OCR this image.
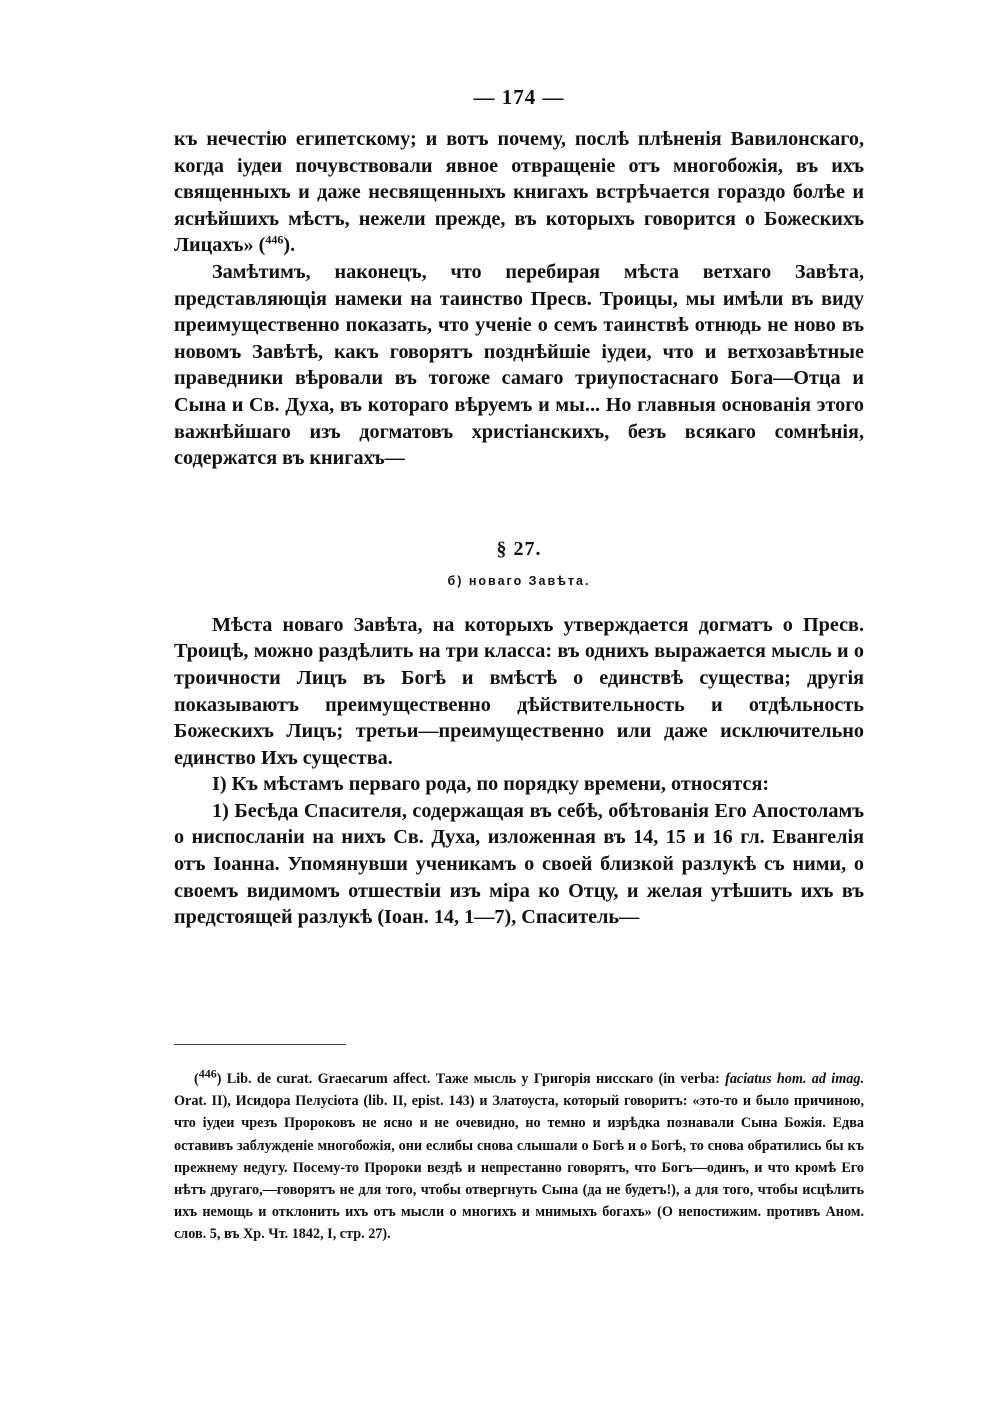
— 174 —

къ нечестію египетскому; и вотъ почему, послѣ плѣненія Вавилонскаго, когда іудеи почувствовали явное отвращеніе отъ многобожія, въ ихъ священныхъ и даже несвященныхъ книгахъ встрѣчается гораздо болѣе и яснѣйшихъ мѣстъ, нежели прежде, въ которыхъ говорится о Божескихъ Лицахъ» ($^{446}$).

Замѣтимъ, наконецъ, что перебирая мѣста ветхаго Завѣта, представляющія намеки на таинство Пресв. Троицы, мы имѣли въ виду преимущественно показать, что ученіе о семъ таинствѣ отнюдь не ново въ новомъ Завѣтѣ, какъ говорятъ позднѣйшіе іудеи, что и ветхозавѣтные праведники вѣровали въ тогоже самаго триупостаснаго Бога—Отца и Сына и Св. Духа, въ котораго вѣруемъ и мы... Но главныя основанія этого важнѣйшаго изъ догматовъ христіанскихъ, безъ всякаго сомнѣнія, содержатся въ книгахъ—

§ 27.
б) новаго Завѣта.

Мѣста новаго Завѣта, на которыхъ утверждается догматъ о Пресв. Троицѣ, можно раздѣлить на три класса: въ однихъ выражается мысль и о троичности Лицъ въ Богѣ и вмѣстѣ о единствѣ существа; другія показываютъ преимущественно дѣйствительность и отдѣльность Божескихъ Лицъ; третьи—преимущественно или даже исключительно единство Ихъ существа.

I) Къ мѣстамъ перваго рода, по порядку времени, относятся:

1) Бесѣда Спасителя, содержащая въ себѣ, обѣтованія Его Апостоламъ о ниспосланіи на нихъ Св. Духа, изложенная въ 14, 15 и 16 гл. Евангелія отъ Іоанна. Упомянувши ученикамъ о своей близкой разлукѣ съ ними, о своемъ видимомъ отшествіи изъ міра ко Отцу, и желая утѣшить ихъ въ предстоящей разлукѣ (Іоан. 14, 1—7), Спаситель—

($^{446}$) Lib. de curat. Graecarum affect. Таже мысль у Григорія нисскаго (in verba: faciatus hom. ad imag. Orat. II), Исидора Пелусіота (lib. II, epist. 143) и Златоуста, который говоритъ: «это-то и было причиною, что іудеи чрезъ Пророковъ не ясно и не очевидно, но темно и изрѣдка познавали Сына Божія. Едва оставивъ заблужденіе многобожія, они еслибы снова слышали о Богѣ и о Богѣ, то снова обратились бы къ прежнему недугу. Посему-то Пророки вездѣ и непрестанно говорятъ, что Богъ—одинъ, и что кромѣ Его нѣтъ другаго,—говорятъ не для того, чтобы отвергнуть Сына (да не будетъ!), а для того, чтобы исцѣлить ихъ немощь и отклонить ихъ отъ мысли о многихъ и мнимыхъ богахъ» (О непостижим. противъ Аном. слов. 5, въ Хр. Чт. 1842, I, стр. 27).
